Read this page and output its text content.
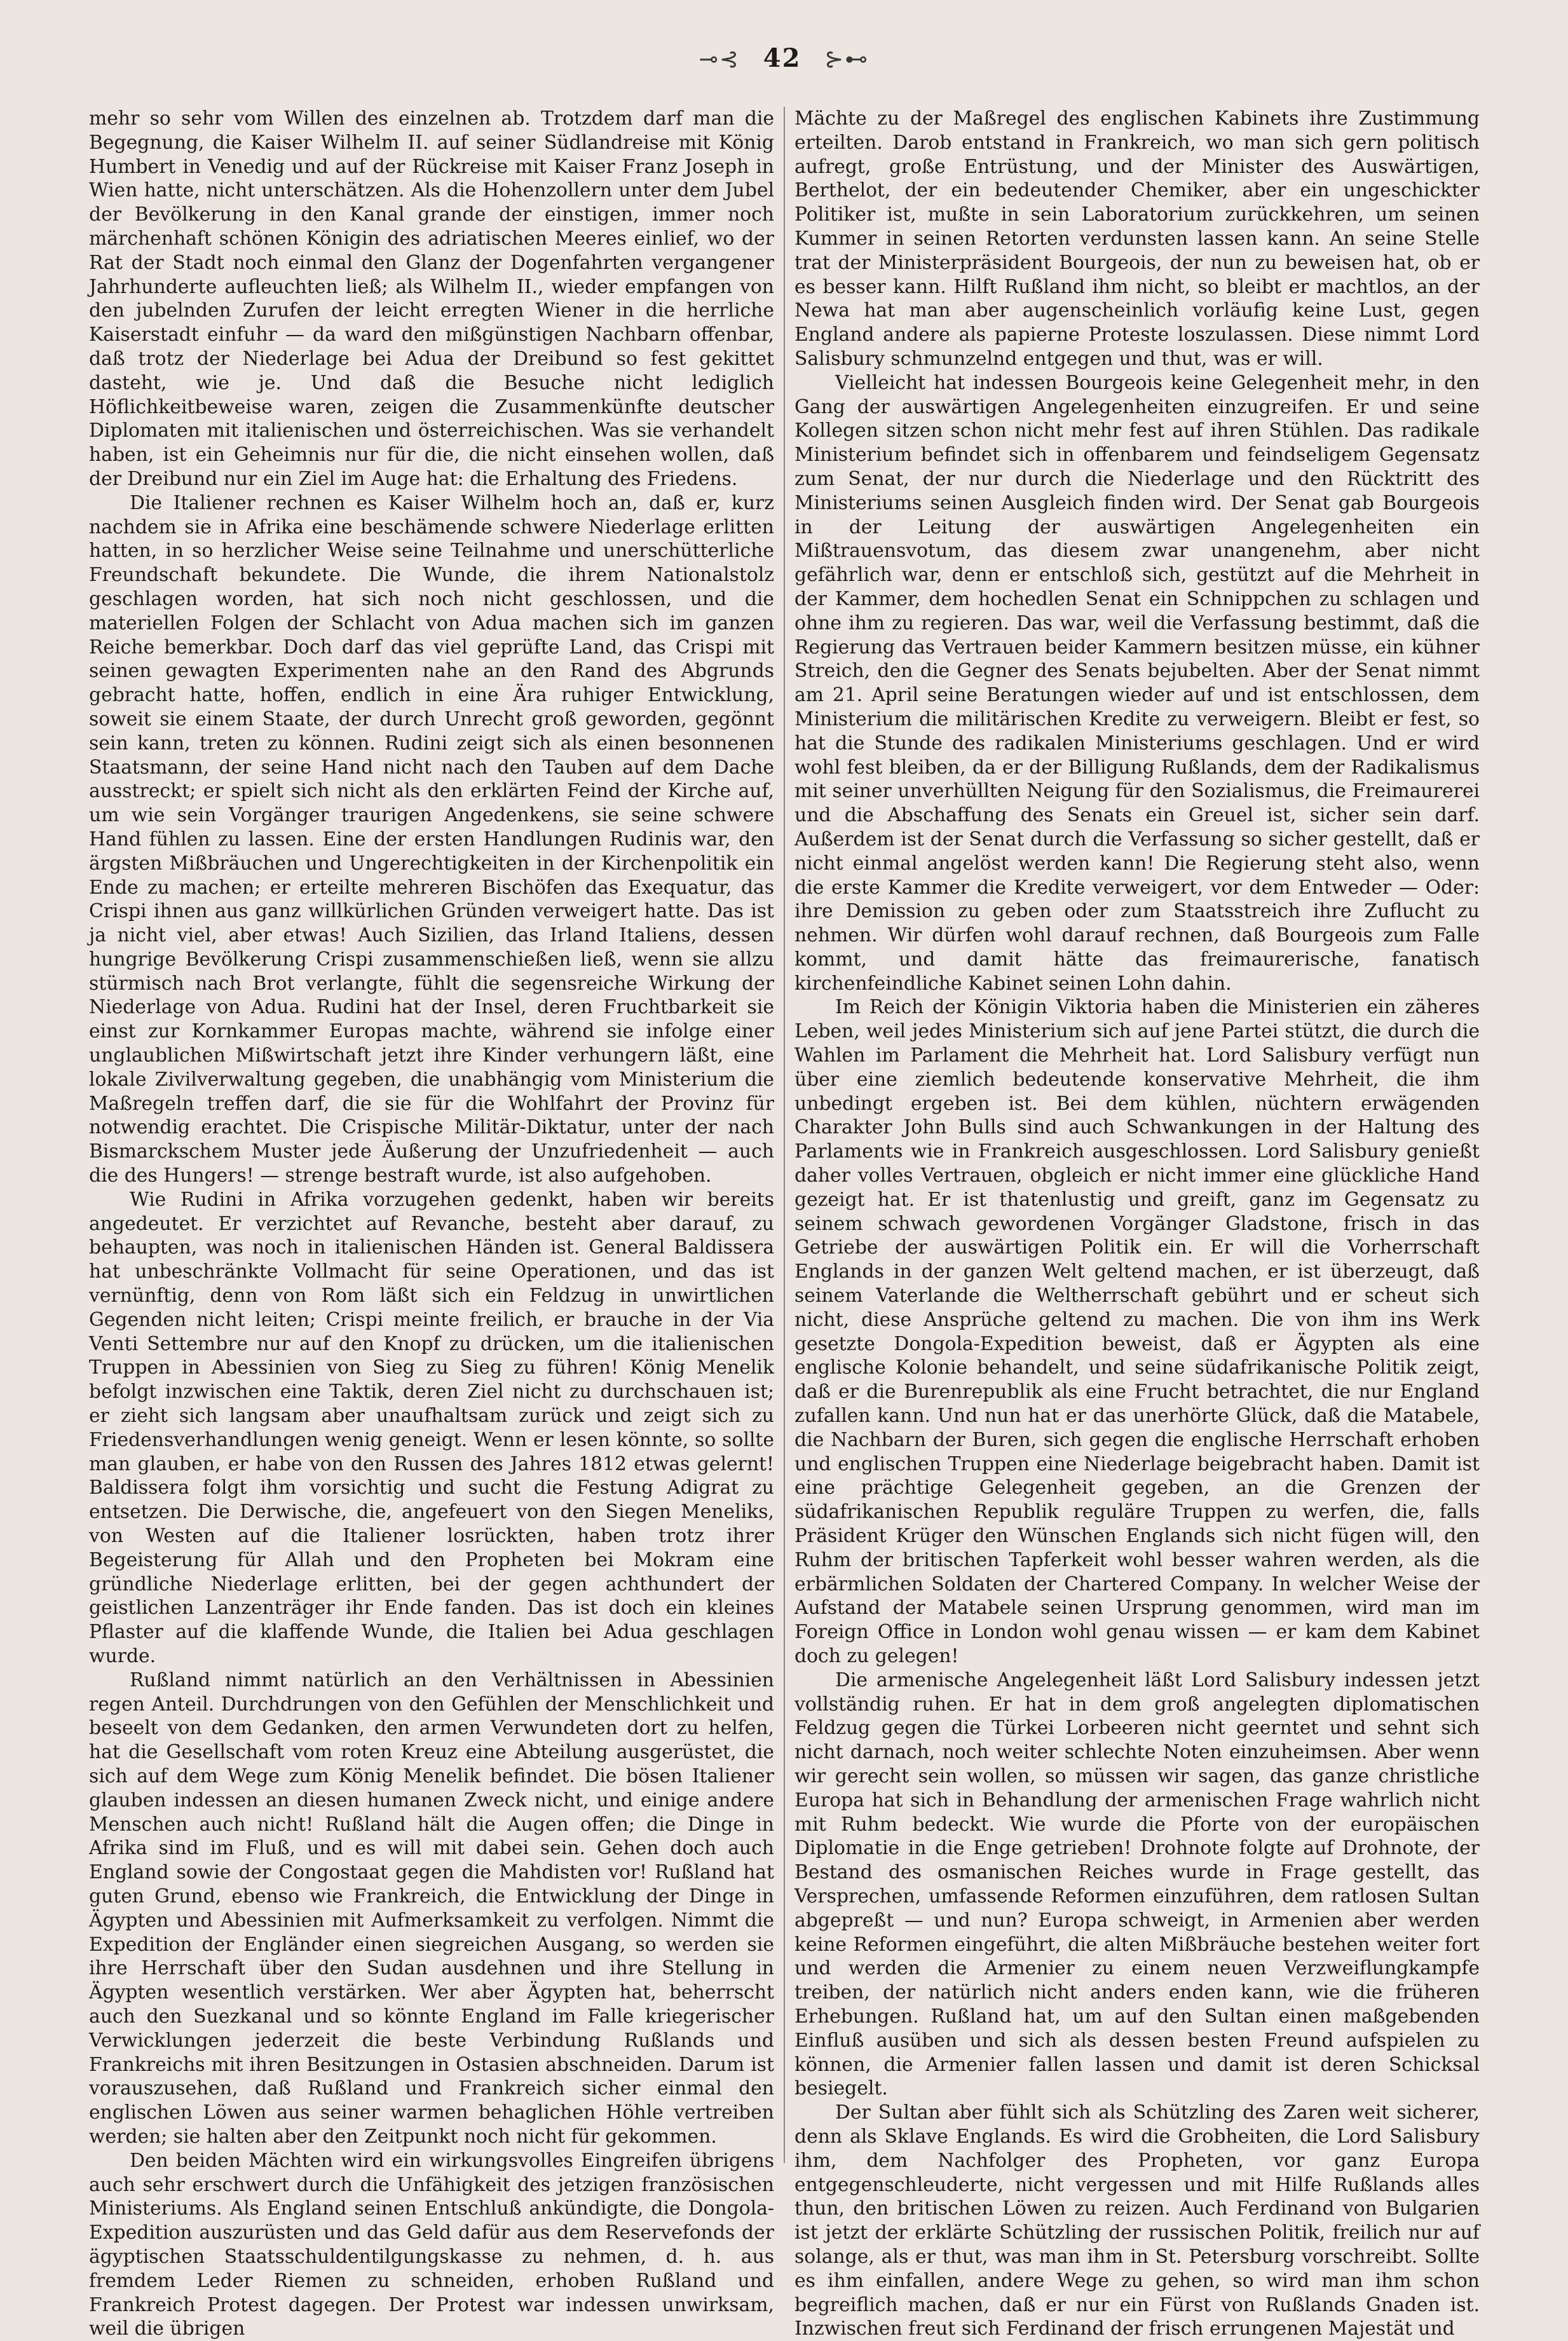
⊸⊰ 42 ⊱⊷

mehr so sehr vom Willen des einzelnen ab. Trotzdem darf man die Begegnung, die Kaiser Wilhelm II. auf seiner Südlandreise mit König Humbert in Venedig und auf der Rückreise mit Kaiser Franz Joseph in Wien hatte, nicht unterschätzen. Als die Hohenzollern unter dem Jubel der Bevölkerung in den Kanal grande der einstigen, immer noch märchenhaft schönen Königin des adriatischen Meeres einlief, wo der Rat der Stadt noch einmal den Glanz der Dogenfahrten vergangener Jahrhunderte aufleuchten ließ; als Wilhelm II., wieder empfangen von den jubelnden Zurufen der leicht erregten Wiener in die herrliche Kaiserstadt einfuhr — da ward den mißgünstigen Nachbarn offenbar, daß trotz der Niederlage bei Adua der Dreibund so fest gekittet dasteht, wie je. Und daß die Besuche nicht lediglich Höflichkeitbeweise waren, zeigen die Zusammenkünfte deutscher Diplomaten mit italienischen und österreichischen. Was sie verhandelt haben, ist ein Geheimnis nur für die, die nicht einsehen wollen, daß der Dreibund nur ein Ziel im Auge hat: die Erhaltung des Friedens.

Die Italiener rechnen es Kaiser Wilhelm hoch an, daß er, kurz nachdem sie in Afrika eine beschämende schwere Niederlage erlitten hatten, in so herzlicher Weise seine Teilnahme und unerschütterliche Freundschaft bekundete. Die Wunde, die ihrem Nationalstolz geschlagen worden, hat sich noch nicht geschlossen, und die materiellen Folgen der Schlacht von Adua machen sich im ganzen Reiche bemerkbar. Doch darf das viel geprüfte Land, das Crispi mit seinen gewagten Experimenten nahe an den Rand des Abgrunds gebracht hatte, hoffen, endlich in eine Ära ruhiger Entwicklung, soweit sie einem Staate, der durch Unrecht groß geworden, gegönnt sein kann, treten zu können. Rudini zeigt sich als einen besonnenen Staatsmann, der seine Hand nicht nach den Tauben auf dem Dache ausstreckt; er spielt sich nicht als den erklärten Feind der Kirche auf, um wie sein Vorgänger traurigen Angedenkens, sie seine schwere Hand fühlen zu lassen. Eine der ersten Handlungen Rudinis war, den ärgsten Mißbräuchen und Ungerechtigkeiten in der Kirchenpolitik ein Ende zu machen; er erteilte mehreren Bischöfen das Exequatur, das Crispi ihnen aus ganz willkürlichen Gründen verweigert hatte. Das ist ja nicht viel, aber etwas! Auch Sizilien, das Irland Italiens, dessen hungrige Bevölkerung Crispi zusammenschießen ließ, wenn sie allzu stürmisch nach Brot verlangte, fühlt die segensreiche Wirkung der Niederlage von Adua. Rudini hat der Insel, deren Fruchtbarkeit sie einst zur Kornkammer Europas machte, während sie infolge einer unglaublichen Mißwirtschaft jetzt ihre Kinder verhungern läßt, eine lokale Zivilverwaltung gegeben, die unabhängig vom Ministerium die Maßregeln treffen darf, die sie für die Wohlfahrt der Provinz für notwendig erachtet. Die Crispische Militär-Diktatur, unter der nach Bismarckschem Muster jede Äußerung der Unzufriedenheit — auch die des Hungers! — strenge bestraft wurde, ist also aufgehoben.

Wie Rudini in Afrika vorzugehen gedenkt, haben wir bereits angedeutet. Er verzichtet auf Revanche, besteht aber darauf, zu behaupten, was noch in italienischen Händen ist. General Baldissera hat unbeschränkte Vollmacht für seine Operationen, und das ist vernünftig, denn von Rom läßt sich ein Feldzug in unwirtlichen Gegenden nicht leiten; Crispi meinte freilich, er brauche in der Via Venti Settembre nur auf den Knopf zu drücken, um die italienischen Truppen in Abessinien von Sieg zu Sieg zu führen! König Menelik befolgt inzwischen eine Taktik, deren Ziel nicht zu durchschauen ist; er zieht sich langsam aber unaufhaltsam zurück und zeigt sich zu Friedensverhandlungen wenig geneigt. Wenn er lesen könnte, so sollte man glauben, er habe von den Russen des Jahres 1812 etwas gelernt! Baldissera folgt ihm vorsichtig und sucht die Festung Adigrat zu entsetzen. Die Derwische, die, angefeuert von den Siegen Meneliks, von Westen auf die Italiener losrückten, haben trotz ihrer Begeisterung für Allah und den Propheten bei Mokram eine gründliche Niederlage erlitten, bei der gegen achthundert der geistlichen Lanzenträger ihr Ende fanden. Das ist doch ein kleines Pflaster auf die klaffende Wunde, die Italien bei Adua geschlagen wurde.

Rußland nimmt natürlich an den Verhältnissen in Abessinien regen Anteil. Durchdrungen von den Gefühlen der Menschlichkeit und beseelt von dem Gedanken, den armen Verwundeten dort zu helfen, hat die Gesellschaft vom roten Kreuz eine Abteilung ausgerüstet, die sich auf dem Wege zum König Menelik befindet. Die bösen Italiener glauben indessen an diesen humanen Zweck nicht, und einige andere Menschen auch nicht! Rußland hält die Augen offen; die Dinge in Afrika sind im Fluß, und es will mit dabei sein. Gehen doch auch England sowie der Congostaat gegen die Mahdisten vor! Rußland hat guten Grund, ebenso wie Frankreich, die Entwicklung der Dinge in Ägypten und Abessinien mit Aufmerksamkeit zu verfolgen. Nimmt die Expedition der Engländer einen siegreichen Ausgang, so werden sie ihre Herrschaft über den Sudan ausdehnen und ihre Stellung in Ägypten wesentlich verstärken. Wer aber Ägypten hat, beherrscht auch den Suezkanal und so könnte England im Falle kriegerischer Verwicklungen jederzeit die beste Verbindung Rußlands und Frankreichs mit ihren Besitzungen in Ostasien abschneiden. Darum ist vorauszusehen, daß Rußland und Frankreich sicher einmal den englischen Löwen aus seiner warmen behaglichen Höhle vertreiben werden; sie halten aber den Zeitpunkt noch nicht für gekommen.

Den beiden Mächten wird ein wirkungsvolles Eingreifen übrigens auch sehr erschwert durch die Unfähigkeit des jetzigen französischen Ministeriums. Als England seinen Entschluß ankündigte, die Dongola-Expedition auszurüsten und das Geld dafür aus dem Reservefonds der ägyptischen Staatsschuldentilgungskasse zu nehmen, d. h. aus fremdem Leder Riemen zu schneiden, erhoben Rußland und Frankreich Protest dagegen. Der Protest war indessen unwirksam, weil die übrigen

Mächte zu der Maßregel des englischen Kabinets ihre Zustimmung erteilten. Darob entstand in Frankreich, wo man sich gern politisch aufregt, große Entrüstung, und der Minister des Auswärtigen, Berthelot, der ein bedeutender Chemiker, aber ein ungeschickter Politiker ist, mußte in sein Laboratorium zurückkehren, um seinen Kummer in seinen Retorten verdunsten lassen kann. An seine Stelle trat der Ministerpräsident Bourgeois, der nun zu beweisen hat, ob er es besser kann. Hilft Rußland ihm nicht, so bleibt er machtlos, an der Newa hat man aber augenscheinlich vorläufig keine Lust, gegen England andere als papierne Proteste loszulassen. Diese nimmt Lord Salisbury schmunzelnd entgegen und thut, was er will.

Vielleicht hat indessen Bourgeois keine Gelegenheit mehr, in den Gang der auswärtigen Angelegenheiten einzugreifen. Er und seine Kollegen sitzen schon nicht mehr fest auf ihren Stühlen. Das radikale Ministerium befindet sich in offenbarem und feindseligem Gegensatz zum Senat, der nur durch die Niederlage und den Rücktritt des Ministeriums seinen Ausgleich finden wird. Der Senat gab Bourgeois in der Leitung der auswärtigen Angelegenheiten ein Mißtrauensvotum, das diesem zwar unangenehm, aber nicht gefährlich war, denn er entschloß sich, gestützt auf die Mehrheit in der Kammer, dem hochedlen Senat ein Schnippchen zu schlagen und ohne ihm zu regieren. Das war, weil die Verfassung bestimmt, daß die Regierung das Vertrauen beider Kammern besitzen müsse, ein kühner Streich, den die Gegner des Senats bejubelten. Aber der Senat nimmt am 21. April seine Beratungen wieder auf und ist entschlossen, dem Ministerium die militärischen Kredite zu verweigern. Bleibt er fest, so hat die Stunde des radikalen Ministeriums geschlagen. Und er wird wohl fest bleiben, da er der Billigung Rußlands, dem der Radikalismus mit seiner unverhüllten Neigung für den Sozialismus, die Freimaurerei und die Abschaffung des Senats ein Greuel ist, sicher sein darf. Außerdem ist der Senat durch die Verfassung so sicher gestellt, daß er nicht einmal angelöst werden kann! Die Regierung steht also, wenn die erste Kammer die Kredite verweigert, vor dem Entweder — Oder: ihre Demission zu geben oder zum Staatsstreich ihre Zuflucht zu nehmen. Wir dürfen wohl darauf rechnen, daß Bourgeois zum Falle kommt, und damit hätte das freimaurerische, fanatisch kirchenfeindliche Kabinet seinen Lohn dahin.

Im Reich der Königin Viktoria haben die Ministerien ein zäheres Leben, weil jedes Ministerium sich auf jene Partei stützt, die durch die Wahlen im Parlament die Mehrheit hat. Lord Salisbury verfügt nun über eine ziemlich bedeutende konservative Mehrheit, die ihm unbedingt ergeben ist. Bei dem kühlen, nüchtern erwägenden Charakter John Bulls sind auch Schwankungen in der Haltung des Parlaments wie in Frankreich ausgeschlossen. Lord Salisbury genießt daher volles Vertrauen, obgleich er nicht immer eine glückliche Hand gezeigt hat. Er ist thatenlustig und greift, ganz im Gegensatz zu seinem schwach gewordenen Vorgänger Gladstone, frisch in das Getriebe der auswärtigen Politik ein. Er will die Vorherrschaft Englands in der ganzen Welt geltend machen, er ist überzeugt, daß seinem Vaterlande die Weltherrschaft gebührt und er scheut sich nicht, diese Ansprüche geltend zu machen. Die von ihm ins Werk gesetzte Dongola-Expedition beweist, daß er Ägypten als eine englische Kolonie behandelt, und seine südafrikanische Politik zeigt, daß er die Burenrepublik als eine Frucht betrachtet, die nur England zufallen kann. Und nun hat er das unerhörte Glück, daß die Matabele, die Nachbarn der Buren, sich gegen die englische Herrschaft erhoben und englischen Truppen eine Niederlage beigebracht haben. Damit ist eine prächtige Gelegenheit gegeben, an die Grenzen der südafrikanischen Republik reguläre Truppen zu werfen, die, falls Präsident Krüger den Wünschen Englands sich nicht fügen will, den Ruhm der britischen Tapferkeit wohl besser wahren werden, als die erbärmlichen Soldaten der Chartered Company. In welcher Weise der Aufstand der Matabele seinen Ursprung genommen, wird man im Foreign Office in London wohl genau wissen — er kam dem Kabinet doch zu gelegen!

Die armenische Angelegenheit läßt Lord Salisbury indessen jetzt vollständig ruhen. Er hat in dem groß angelegten diplomatischen Feldzug gegen die Türkei Lorbeeren nicht geerntet und sehnt sich nicht darnach, noch weiter schlechte Noten einzuheimsen. Aber wenn wir gerecht sein wollen, so müssen wir sagen, das ganze christliche Europa hat sich in Behandlung der armenischen Frage wahrlich nicht mit Ruhm bedeckt. Wie wurde die Pforte von der europäischen Diplomatie in die Enge getrieben! Drohnote folgte auf Drohnote, der Bestand des osmanischen Reiches wurde in Frage gestellt, das Versprechen, umfassende Reformen einzuführen, dem ratlosen Sultan abgepreßt — und nun? Europa schweigt, in Armenien aber werden keine Reformen eingeführt, die alten Mißbräuche bestehen weiter fort und werden die Armenier zu einem neuen Verzweiflungkampfe treiben, der natürlich nicht anders enden kann, wie die früheren Erhebungen. Rußland hat, um auf den Sultan einen maßgebenden Einfluß ausüben und sich als dessen besten Freund aufspielen zu können, die Armenier fallen lassen und damit ist deren Schicksal besiegelt.

Der Sultan aber fühlt sich als Schützling des Zaren weit sicherer, denn als Sklave Englands. Es wird die Grobheiten, die Lord Salisbury ihm, dem Nachfolger des Propheten, vor ganz Europa entgegenschleuderte, nicht vergessen und mit Hilfe Rußlands alles thun, den britischen Löwen zu reizen. Auch Ferdinand von Bulgarien ist jetzt der erklärte Schützling der russischen Politik, freilich nur auf solange, als er thut, was man ihm in St. Petersburg vorschreibt. Sollte es ihm einfallen, andere Wege zu gehen, so wird man ihm schon begreiflich machen, daß er nur ein Fürst von Rußlands Gnaden ist. Inzwischen freut sich Ferdinand der frisch errungenen Majestät und
